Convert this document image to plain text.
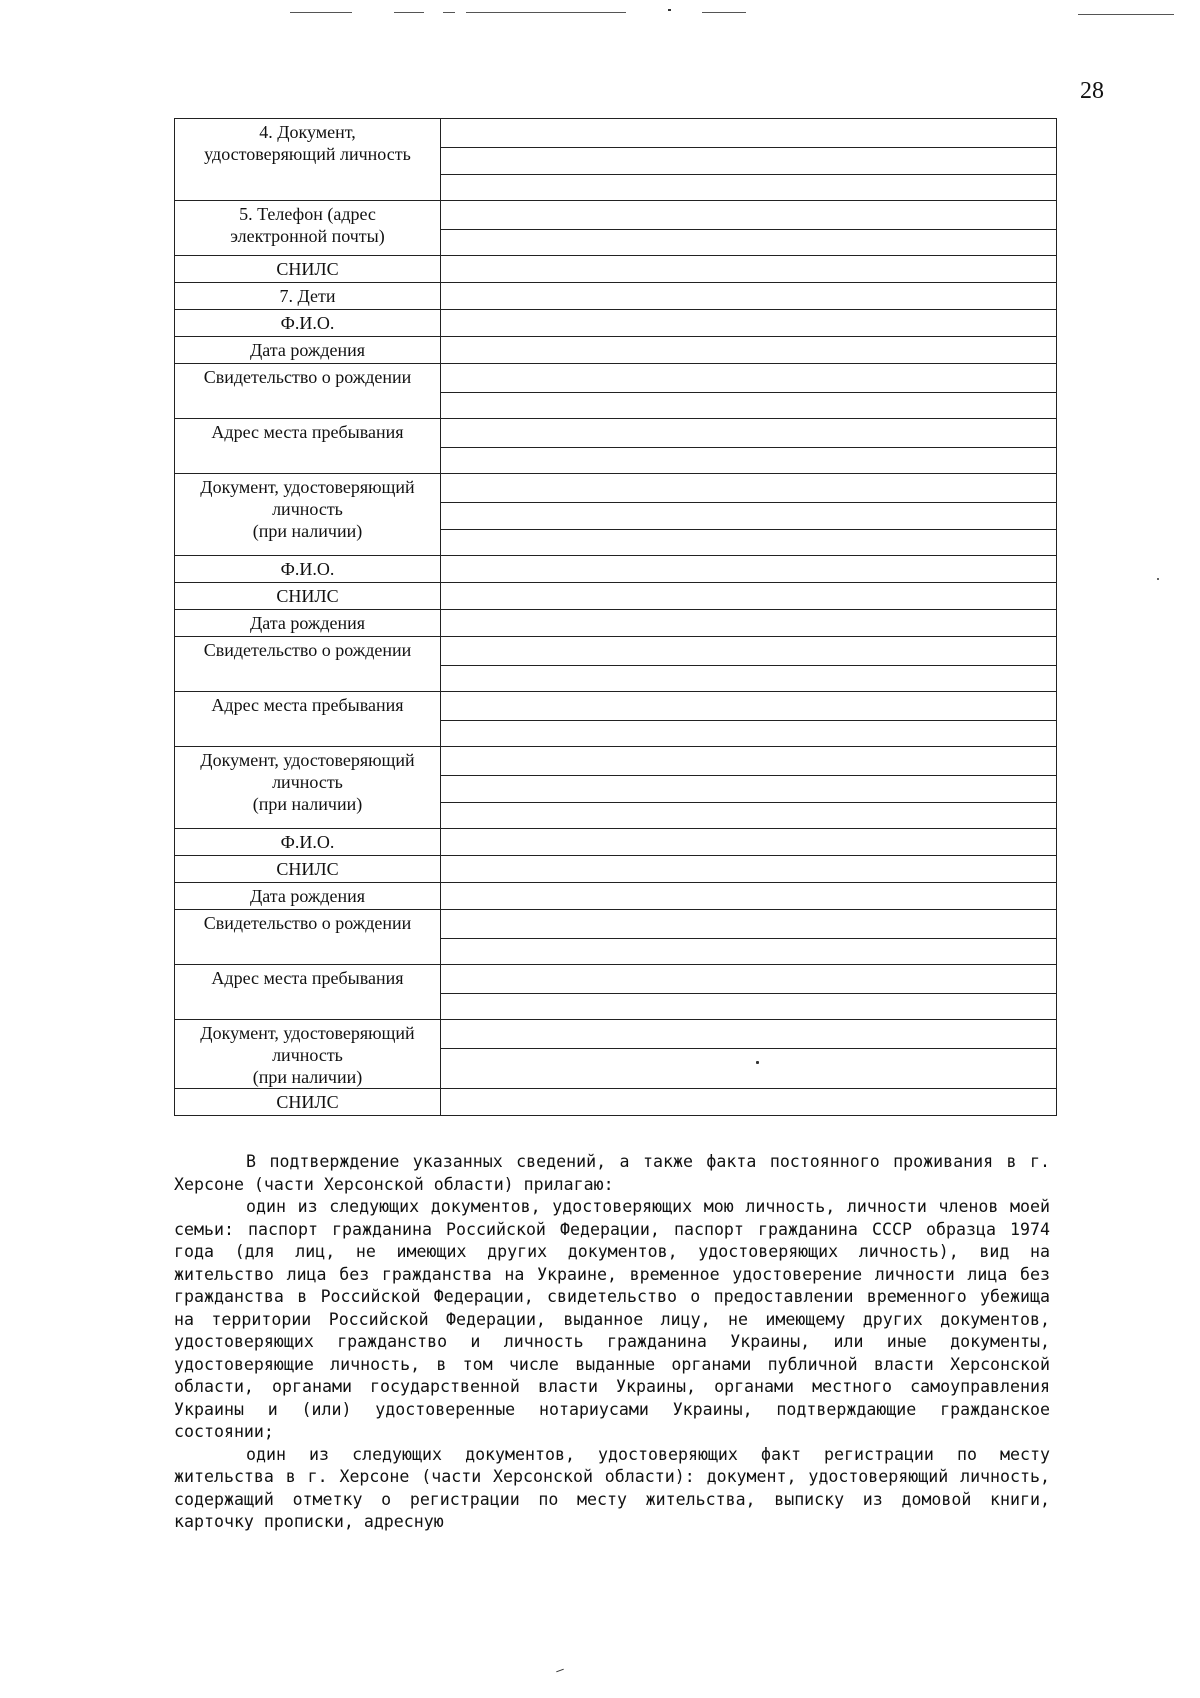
28
4. Документ,
удостоверяющий личность	

5. Телефон (адрес
электронной почты)	

СНИЛС	

7. Дети	

Ф.И.О.	

Дата рождения	

Свидетельство о рождении	

Адрес места пребывания	

Документ, удостоверяющий
личность
(при наличии)	

Ф.И.О.	

СНИЛС	

Дата рождения	

Свидетельство о рождении	

Адрес места пребывания	

Документ, удостоверяющий
личность
(при наличии)	

Ф.И.О.	

СНИЛС	

Дата рождения	

Свидетельство о рождении	

Адрес места пребывания	

Документ, удостоверяющий
личность
(при наличии)	

СНИЛС	

В подтверждение указанных сведений, а также факта постоянного проживания в г. Херсоне (части Херсонской области) прилагаю:

один из следующих документов, удостоверяющих мою личность, личности членов моей семьи: паспорт гражданина Российской Федерации, паспорт гражданина СССР образца 1974 года (для лиц, не имеющих других документов, удостоверяющих личность), вид на жительство лица без гражданства на Украине, временное удостоверение личности лица без гражданства в Российской Федерации, свидетельство о предоставлении временного убежища на территории Российской Федерации, выданное лицу, не имеющему других документов, удостоверяющих гражданство и личность гражданина Украины, или иные документы, удостоверяющие личность, в том числе выданные органами публичной власти Херсонской области, органами государственной власти Украины, органами местного самоуправления Украины и (или) удостоверенные нотариусами Украины, подтверждающие гражданское состоянии;

один из следующих документов, удостоверяющих факт регистрации по месту жительства в г. Херсоне (части Херсонской области): документ, удостоверяющий личность, содержащий отметку о регистрации по месту жительства, выписку из домовой книги, карточку прописки, адресную
